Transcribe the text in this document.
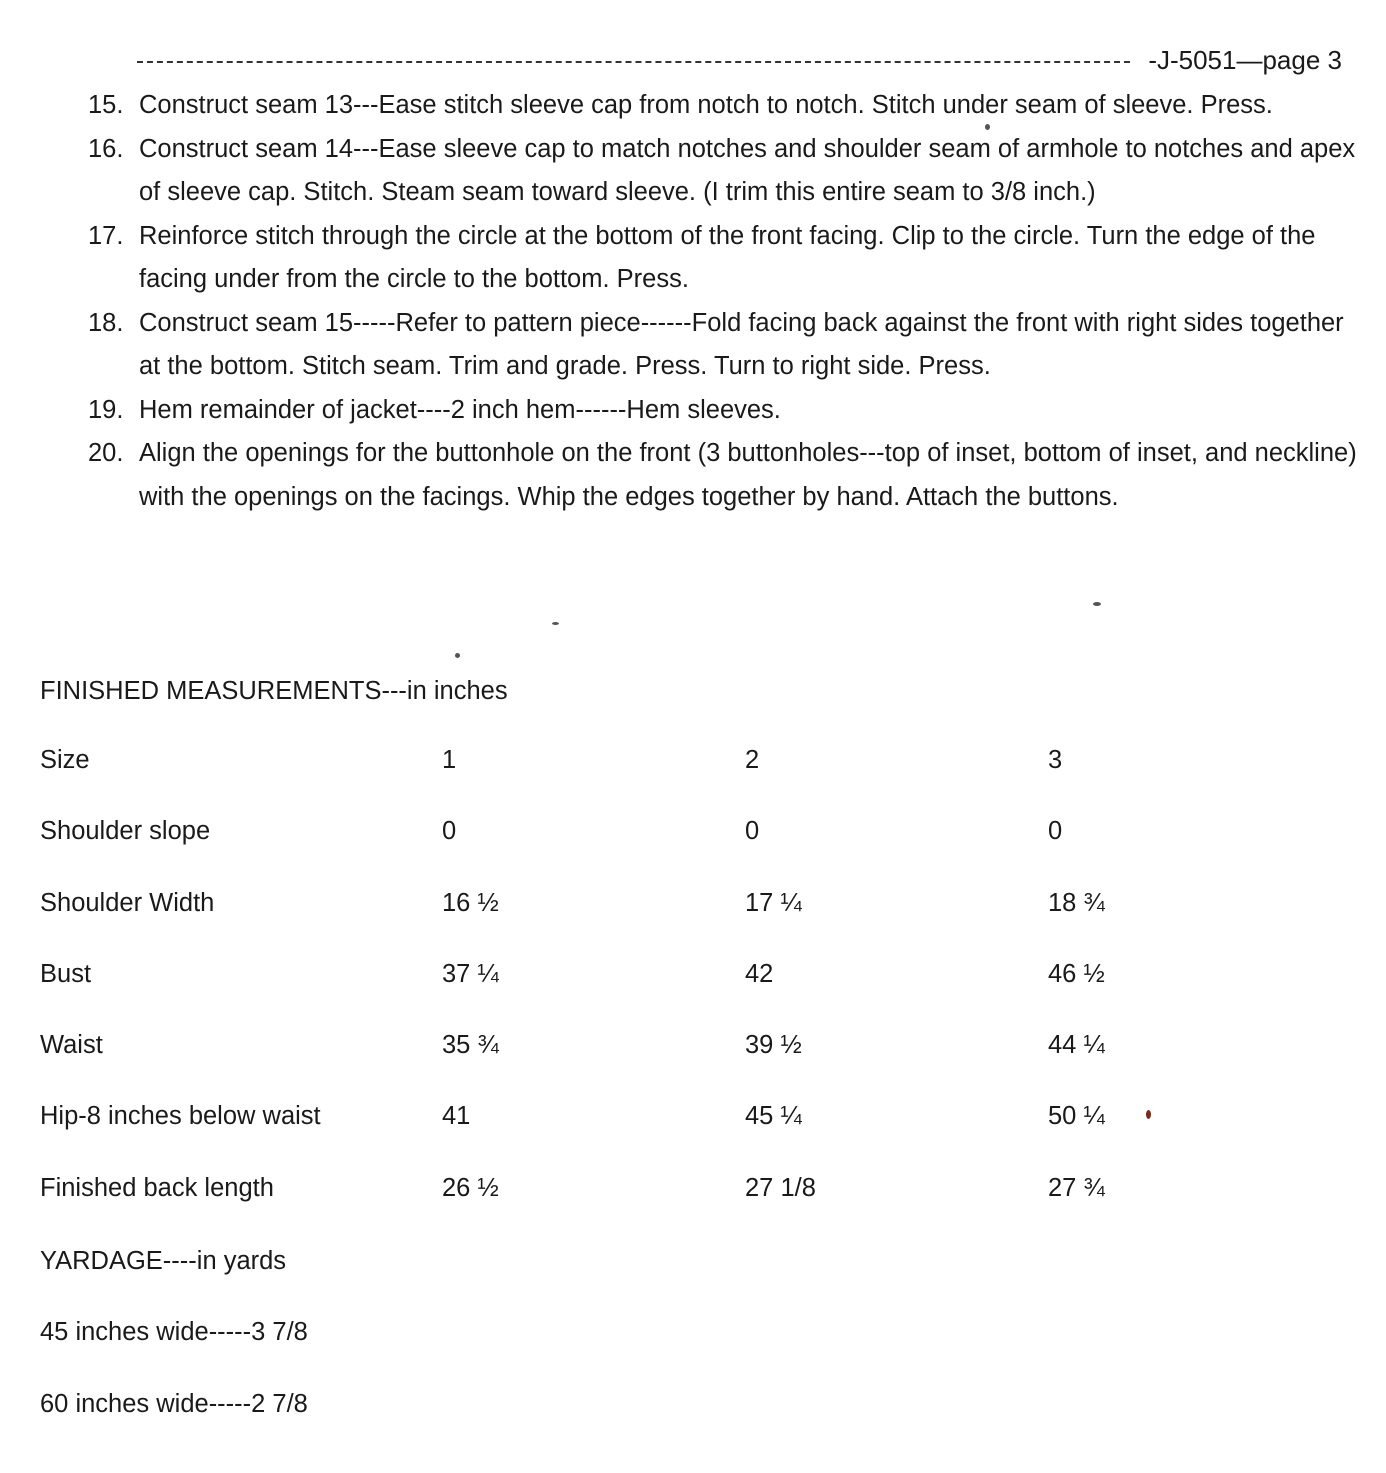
-J-5051—page 3
15. Construct seam 13---Ease stitch sleeve cap from notch to notch. Stitch under seam of sleeve. Press.
16. Construct seam 14---Ease sleeve cap to match notches and shoulder seam of armhole to notches and apex of sleeve cap. Stitch. Steam seam toward sleeve. (I trim this entire seam to 3/8 inch.)
17. Reinforce stitch through the circle at the bottom of the front facing. Clip to the circle. Turn the edge of the facing under from the circle to the bottom. Press.
18. Construct seam 15-----Refer to pattern piece------Fold facing back against the front with right sides together at the bottom. Stitch seam. Trim and grade. Press. Turn to right side. Press.
19. Hem remainder of jacket----2 inch hem------Hem sleeves.
20. Align the openings for the buttonhole on the front (3 buttonholes---top of inset, bottom of inset, and neckline) with the openings on the facings. Whip the edges together by hand. Attach the buttons.
FINISHED MEASUREMENTS---in inches
Size	1	2	3
Shoulder slope	0	0	0
Shoulder Width	16 ½	17 ¼	18 ¾
Bust	37 ¼	42	46 ½
Waist	35 ¾	39 ½	44 ¼
Hip-8 inches below waist	41	45 ¼	50 ¼
Finished back length	26 ½	27 1/8	27 ¾
YARDAGE----in yards
45 inches wide-----3 7/8
60 inches wide-----2 7/8
